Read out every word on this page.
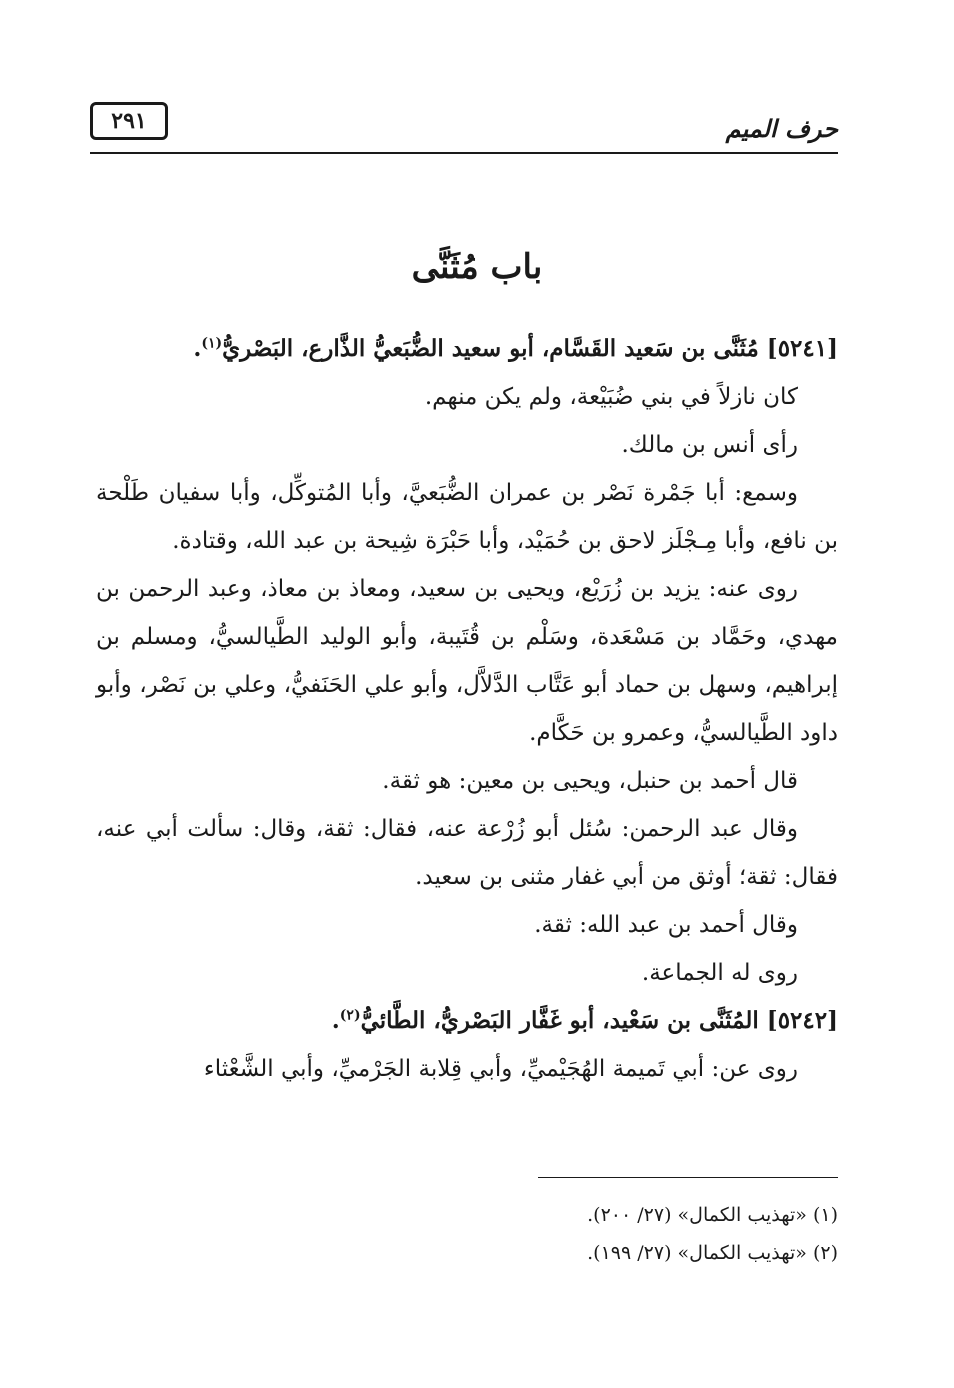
حرف الميم
٢٩١
باب مُثَنَّى

[٥٢٤١] مُثَنَّى بن سَعيد القَسَّام، أبو سعيد الضُّبَعيُّ الذَّارع، البَصْريُّ$^{(١)}$.

كان نازلاً في بني ضُبَيْعة، ولم يكن منهم.

رأى أنس بن مالك.

وسمع: أبا جَمْرة نَصْر بن عمران الضُّبَعيَّ، وأبا المُتوكِّل، وأبا سفيان طَلْحة بن نافع، وأبا مِـجْلَز لاحق بن حُمَيْد، وأبا حَبْرَة شِيحة بن عبد الله، وقتادة.

روى عنه: يزيد بن زُرَيْع، ويحيى بن سعيد، ومعاذ بن معاذ، وعبد الرحمن بن مهدي، وحَمَّاد بن مَسْعَدة، وسَلْم بن قُتَيبة، وأبو الوليد الطَّيالسيُّ، ومسلم بن إبراهيم، وسهل بن حماد أبو عَتَّاب الدَّلاَّل، وأبو علي الحَنَفيُّ، وعلي بن نَصْر، وأبو داود الطَّيالسيُّ، وعمرو بن حَكَّام.

قال أحمد بن حنبل، ويحيى بن معين: هو ثقة.

وقال عبد الرحمن: سُئل أبو زُرْعة عنه، فقال: ثقة، وقال: سألت أبي عنه، فقال: ثقة؛ أوثق من أبي غفار مثنى بن سعيد.

وقال أحمد بن عبد الله: ثقة.

روى له الجماعة.

[٥٢٤٢] المُثَنَّى بن سَعْيد، أبو غَفَّار البَصْريُّ، الطَّائيُّ$^{(٢)}$.

روى عن: أبي تَميمة الهُجَيْميِّ، وأبي قِلابة الجَرْميِّ، وأبي الشَّعْثاء

(١) «تهذيب الكمال» (٢٧/ ٢٠٠).

(٢) «تهذيب الكمال» (٢٧/ ١٩٩).
